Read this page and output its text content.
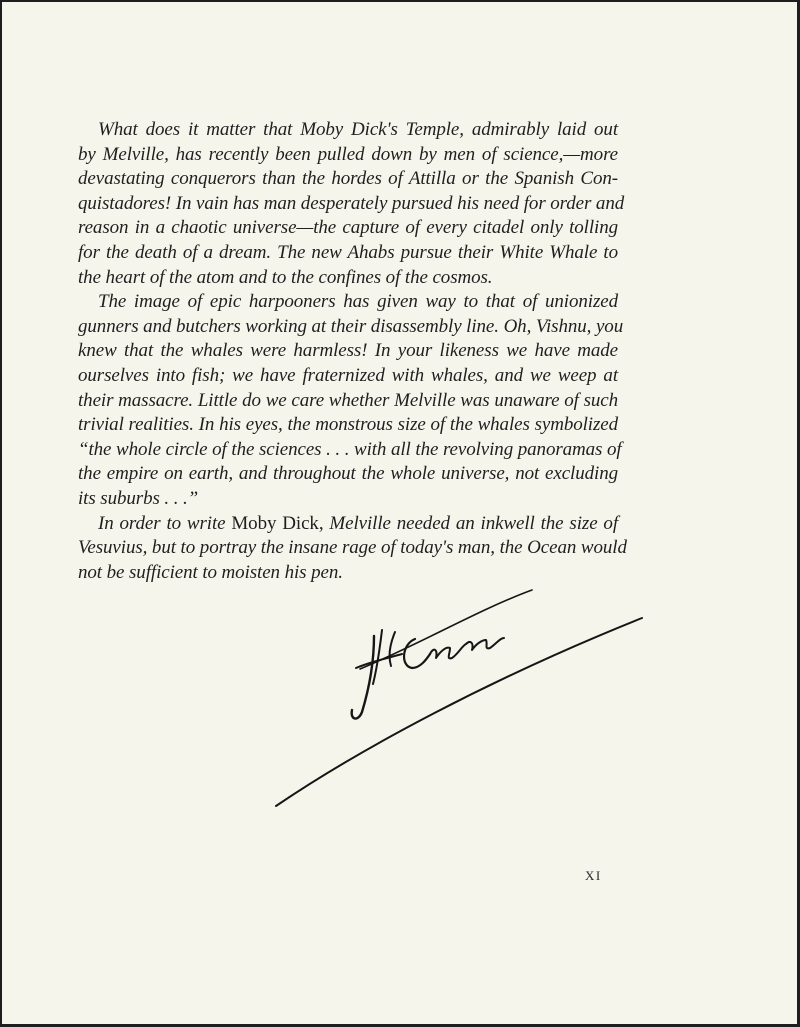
What does it matter that Moby Dick's Temple, admirably laid out
by Melville, has recently been pulled down by men of science,—more
devastating conquerors than the hordes of Attilla or the Spanish Con-
quistadores! In vain has man desperately pursued his need for order and
reason in a chaotic universe—the capture of every citadel only tolling
for the death of a dream. The new Ahabs pursue their White Whale to
the heart of the atom and to the confines of the cosmos.
The image of epic harpooners has given way to that of unionized
gunners and butchers working at their disassembly line. Oh, Vishnu, you
knew that the whales were harmless! In your likeness we have made
ourselves into fish; we have fraternized with whales, and we weep at
their massacre. Little do we care whether Melville was unaware of such
trivial realities. In his eyes, the monstrous size of the whales symbolized
“the whole circle of the sciences . . . with all the revolving panoramas of
the empire on earth, and throughout the whole universe, not excluding
its suburbs . . .”
In order to write Moby Dick, Melville needed an inkwell the size of
Vesuvius, but to portray the insane rage of today's man, the Ocean would
not be sufficient to moisten his pen.
XI
